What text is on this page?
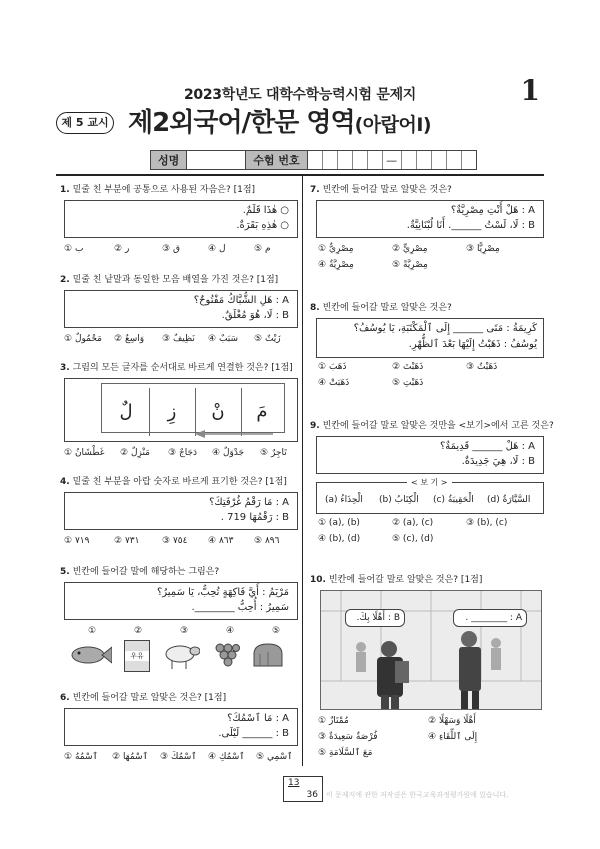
2023학년도 대학수학능력시험 문제지	1
제 5 교시 제2외국어/한문 영역(아랍어Ⅰ)
성명	수험 번호	—
1. 밑줄 친 부분에 공통으로 사용된 자음은? [1점]
○ هٰذَا قَلَمٌ.
○ هٰذِهِ بَقَرَةٌ.
① ب	② ر	③ ق	④ ل	⑤ م
2. 밑줄 친 낱말과 동일한 모음 배열을 가진 것은? [1점]
A : هَلِ الشُّبَّاكُ مَفْتُوحٌ؟
B : لَا، هُوَ مُغْلَقٌ.
① مَحْمُولٌ ② وَاسِعٌ ③ نَظِيفٌ ④ سَبَبٌ ⑤ زَيْتٌ
3. 그림의 모든 글자를 순서대로 바르게 연결한 것은? [1점]
لٌ	زِ	نْ	مَ
① غَطْشَانُ ② مَنْزِلٌ ③ دَجَاجٌ ④ جَدْوَلٌ ⑤ تَاجِرٌ
4. 밑줄 친 부분을 아랍 숫자로 바르게 표기한 것은? [1점]
A : مَا رَقْمُ غُرْفَتِكَ؟
B : رَقْمُهَا 719 .
① ٧١٩	② ٧٣١	③ ٧٥٤ ④ ٨٦٣ ⑤ ٨٩٦
5. 빈칸에 들어갈 말에 해당하는 그림은?
مَرْيَمُ : أَيَّ فَاكِهَةٍ تُحِبُّ، يَا سَمِيرُ؟
سَمِيرُ : أُحِبُّ ________.
①	②	③	④	⑤
우유
6. 빈칸에 들어갈 말로 알맞은 것은? [1점]
A : مَا ٱسْمُكَ؟
B : ______ لَيْلَى.
① ٱسْمُهُ ② ٱسْمُهَا ③ ٱسْمُكَ ④ ٱسْمُكِ ⑤ ٱسْمِي
7. 빈칸에 들어갈 말로 알맞은 것은?
A : هَلْ أَنْتِ مِصْرِيَّةٌ؟
B : لَا، لَسْتُ ______. أَنَا لُبْنَانِيَّةٌ.
① مِصْرِيٌّ	② مِصْرِيٍّ	③ مِصْرِيًّا
④ مِصْرِيَّةٌ	⑤ مِصْرِيَّةً
8. 빈칸에 들어갈 말로 알맞은 것은?
كَرِيمَةُ : مَتَى ______ إِلَى ٱلْمَكْتَبَةِ، يَا يُوسُفُ؟
يُوسُفُ : ذَهَبْتُ إِلَيْهَا بَعْدَ ٱلظُّهْرِ.
① ذَهَبَ	② ذَهَبْتَ	③ ذَهَبْتُ
④ ذَهَبَتْ	⑤ ذَهَبْتِ
9. 빈칸에 들어갈 말로 알맞은 것만을 <보기>에서 고른 것은?
A : هَلْ ______ قَدِيمَةٌ؟
B : لَا، هِيَ جَدِيدَةٌ.
< 보 기 >
(a) الْحِذَاءُ (b) الْكِتَابُ (c) الْحَقِيبَةُ (d) السَّيَّارَةُ
① (a), (b)	② (a), (c)	③ (b), (c)
④ (b), (d)	⑤ (c), (d)
10. 빈칸에 들어갈 말로 알맞은 것은? [1점]
B : أَهْلًا بِكَ.	A : ________ .
① مُمْتَازٌ	② أَهْلًا وَسَهْلًا
③ فُرْصَةٌ سَعِيدَةٌ	④ إِلَى ٱللِّقَاءِ
⑤ مَعَ ٱلسَّلَامَةِ
13
36 이 문제지에 관한 저작권은 한국교육과정평가원에 있습니다.
